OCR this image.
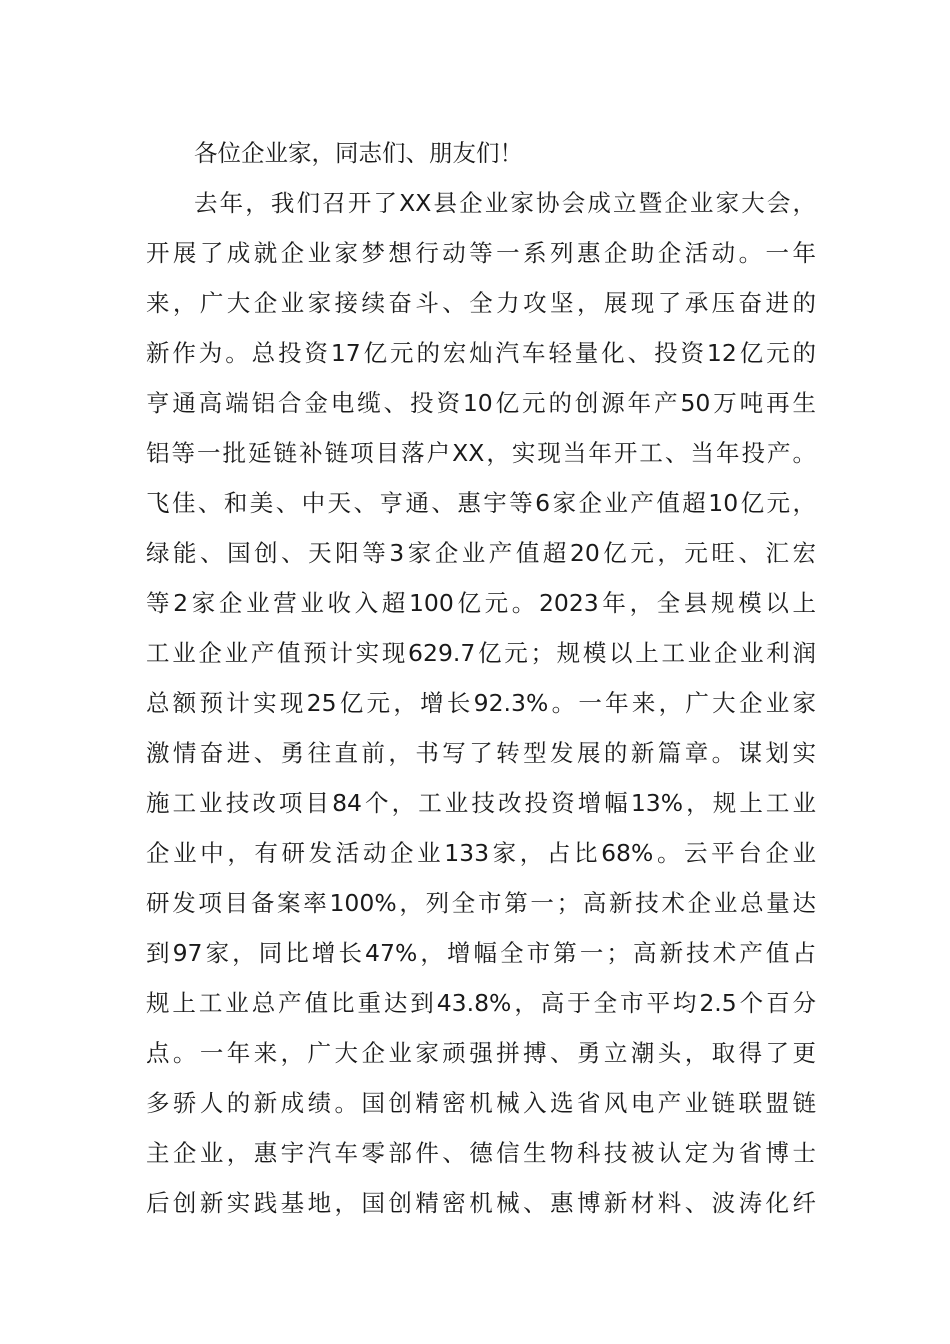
各位企业家，同志们、朋友们！
去年，我们召开了XX县企业家协会成立暨企业家大会，
开展了成就企业家梦想行动等一系列惠企助企活动。一年
来，广大企业家接续奋斗、全力攻坚，展现了承压奋进的
新作为。总投资17亿元的宏灿汽车轻量化、投资12亿元的
亨通高端铝合金电缆、投资10亿元的创源年产50万吨再生
铝等一批延链补链项目落户XX，实现当年开工、当年投产。
飞佳、和美、中天、亨通、惠宇等6家企业产值超10亿元，
绿能、国创、天阳等3家企业产值超20亿元，元旺、汇宏
等2家企业营业收入超100亿元。2023年，全县规模以上
工业企业产值预计实现629.7亿元；规模以上工业企业利润
总额预计实现25亿元，增长92.3%。一年来，广大企业家
激情奋进、勇往直前，书写了转型发展的新篇章。谋划实
施工业技改项目84个，工业技改投资增幅13%，规上工业
企业中，有研发活动企业133家，占比68%。云平台企业
研发项目备案率100%，列全市第一；高新技术企业总量达
到97家，同比增长47%，增幅全市第一；高新技术产值占
规上工业总产值比重达到43.8%，高于全市平均2.5个百分
点。一年来，广大企业家顽强拼搏、勇立潮头，取得了更
多骄人的新成绩。国创精密机械入选省风电产业链联盟链
主企业，惠宇汽车零部件、德信生物科技被认定为省博士
后创新实践基地，国创精密机械、惠博新材料、波涛化纤
